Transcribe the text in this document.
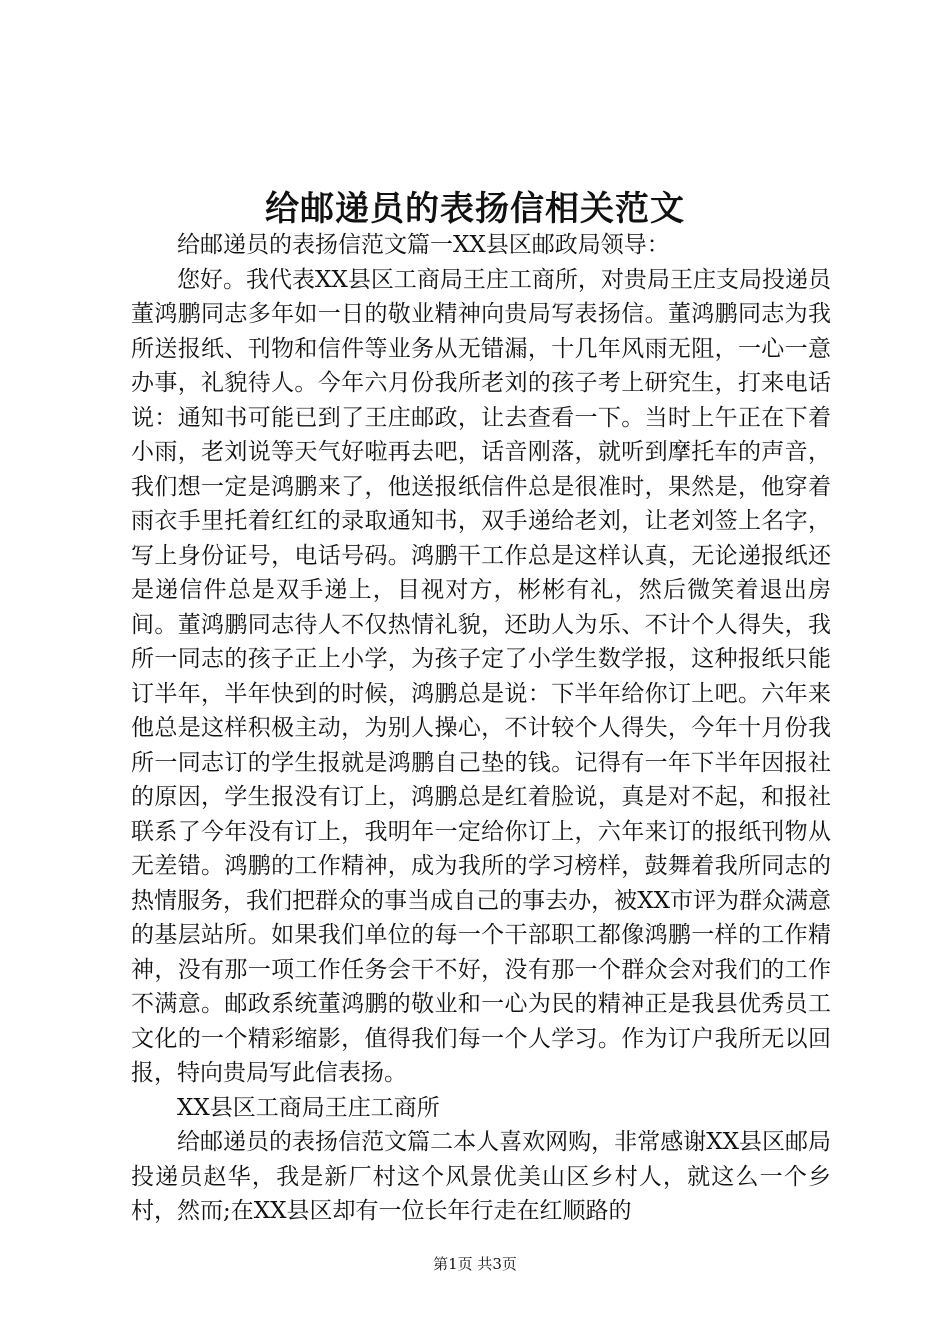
给邮递员的表扬信相关范文

给邮递员的表扬信范文篇一XX县区邮政局领导：

您好。我代表XX县区工商局王庄工商所，对贵局王庄支局投递员董鸿鹏同志多年如一日的敬业精神向贵局写表扬信。董鸿鹏同志为我所送报纸、刊物和信件等业务从无错漏，十几年风雨无阻，一心一意办事，礼貌待人。今年六月份我所老刘的孩子考上研究生，打来电话说：通知书可能已到了王庄邮政，让去查看一下。当时上午正在下着小雨，老刘说等天气好啦再去吧，话音刚落，就听到摩托车的声音，我们想一定是鸿鹏来了，他送报纸信件总是很准时，果然是，他穿着雨衣手里托着红红的录取通知书，双手递给老刘，让老刘签上名字，写上身份证号，电话号码。鸿鹏干工作总是这样认真，无论递报纸还是递信件总是双手递上，目视对方，彬彬有礼，然后微笑着退出房间。董鸿鹏同志待人不仅热情礼貌，还助人为乐、不计个人得失，我所一同志的孩子正上小学，为孩子定了小学生数学报，这种报纸只能订半年，半年快到的时候，鸿鹏总是说：下半年给你订上吧。六年来他总是这样积极主动，为别人操心，不计较个人得失，今年十月份我所一同志订的学生报就是鸿鹏自己垫的钱。记得有一年下半年因报社的原因，学生报没有订上，鸿鹏总是红着脸说，真是对不起，和报社联系了今年没有订上，我明年一定给你订上，六年来订的报纸刊物从无差错。鸿鹏的工作精神，成为我所的学习榜样，鼓舞着我所同志的热情服务，我们把群众的事当成自己的事去办，被XX市评为群众满意的基层站所。如果我们单位的每一个干部职工都像鸿鹏一样的工作精神，没有那一项工作任务会干不好，没有那一个群众会对我们的工作不满意。邮政系统董鸿鹏的敬业和一心为民的精神正是我县优秀员工文化的一个精彩缩影，值得我们每一个人学习。作为订户我所无以回报，特向贵局写此信表扬。

XX县区工商局王庄工商所

给邮递员的表扬信范文篇二本人喜欢网购，非常感谢XX县区邮局投递员赵华，我是新厂村这个风景优美山区乡村人，就这么一个乡村，然而;在XX县区却有一位长年行走在红顺路的

第1页 共3页
